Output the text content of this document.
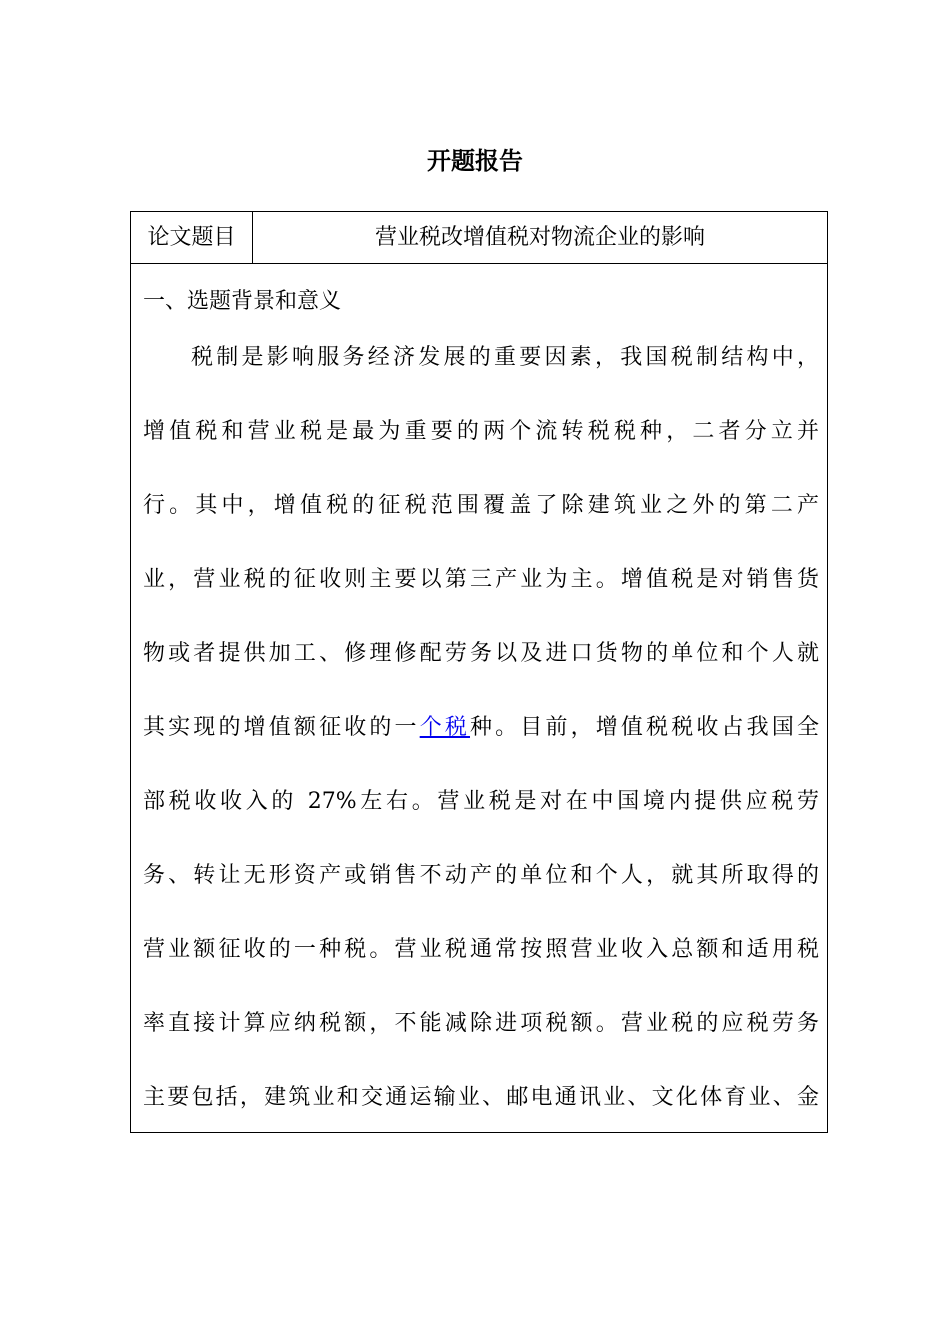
开题报告
论文题目	营业税改增值税对物流企业的影响
一、选题背景和意义
税制是影响服务经济发展的重要因素，我国税制结构中，
增值税和营业税是最为重要的两个流转税税种，二者分立并
行。其中，增值税的征税范围覆盖了除建筑业之外的第二产
业，营业税的征收则主要以第三产业为主。增值税是对销售货
物或者提供加工、修理修配劳务以及进口货物的单位和个人就
其实现的增值额征收的一个税种。目前，增值税税收占我国全
部税收收入的 27%左右。营业税是对在中国境内提供应税劳
务、转让无形资产或销售不动产的单位和个人，就其所取得的
营业额征收的一种税。营业税通常按照营业收入总额和适用税
率直接计算应纳税额，不能减除进项税额。营业税的应税劳务
主要包括，建筑业和交通运输业、邮电通讯业、文化体育业、金
